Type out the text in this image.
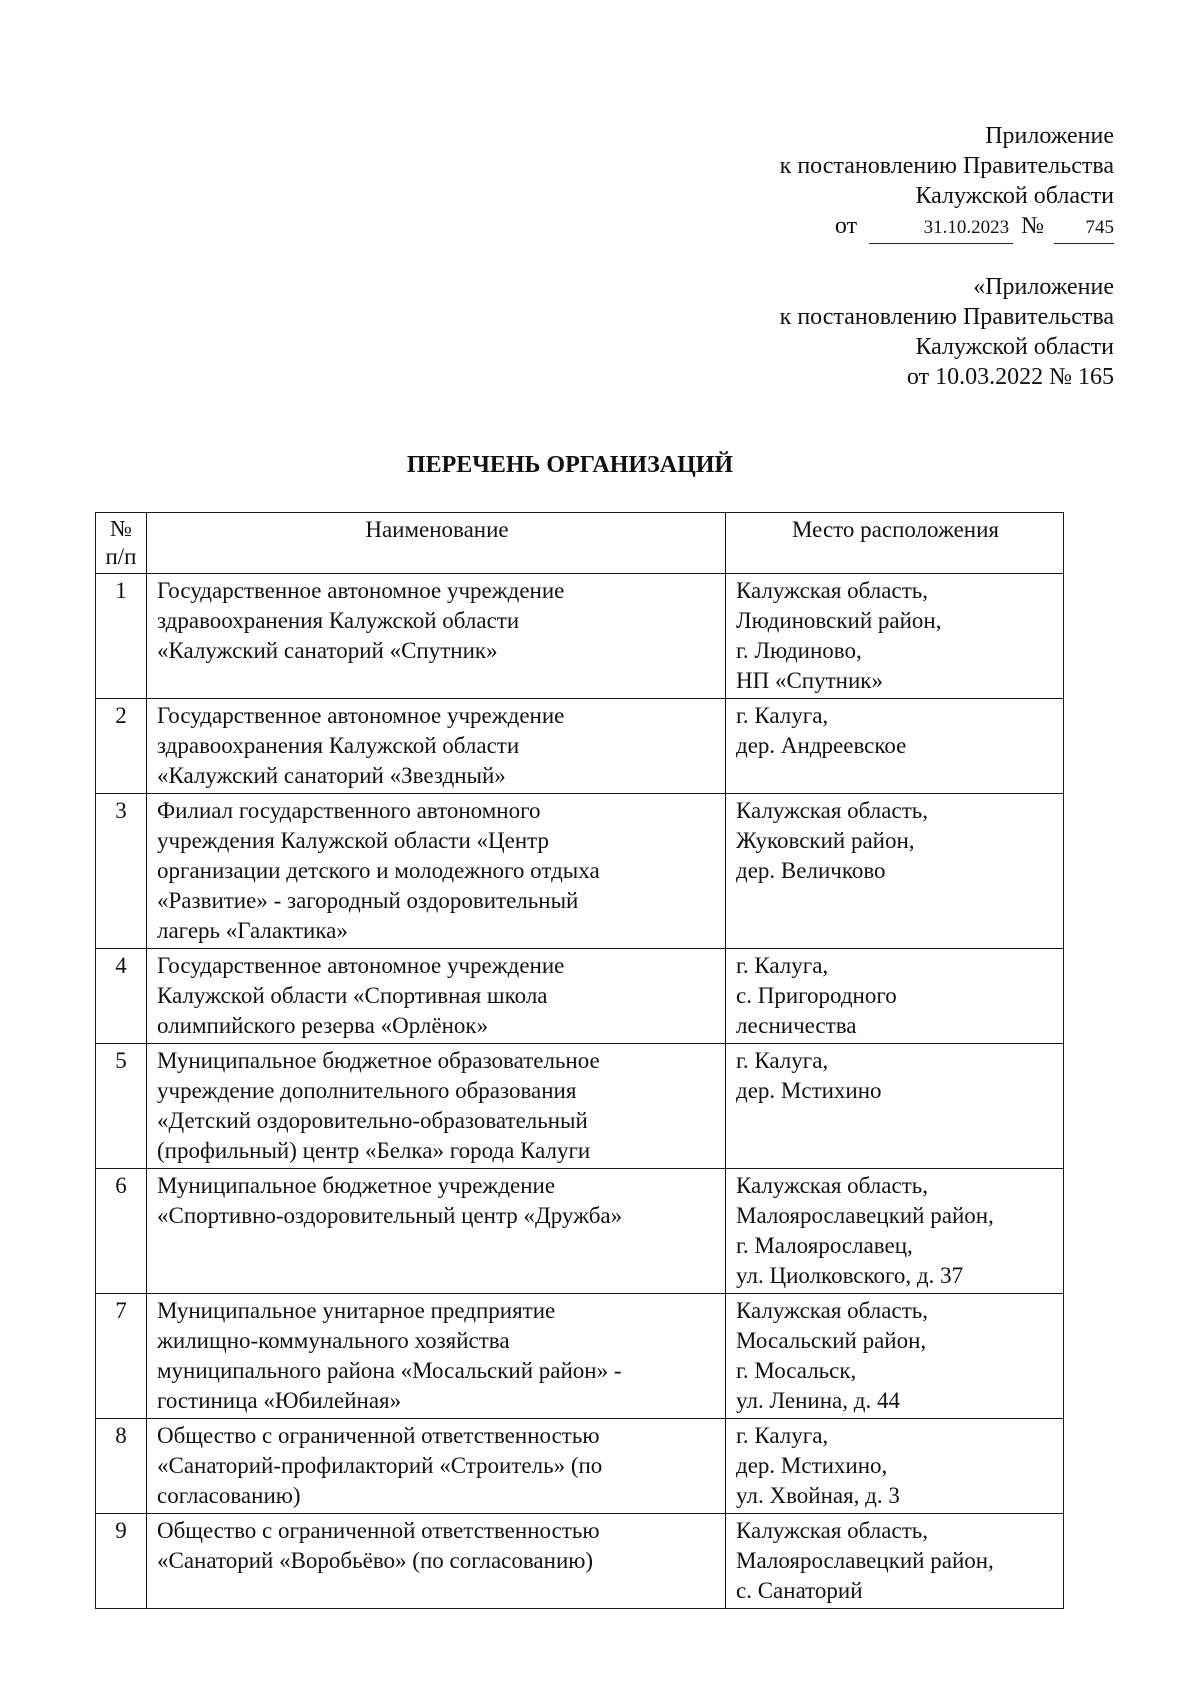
Приложение
к постановлению Правительства
Калужской области
от	31.10.2023 №	745
«Приложение
к постановлению Правительства
Калужской области
от 10.03.2022 № 165
ПЕРЕЧЕНЬ ОРГАНИЗАЦИЙ
№
п/п	Наименование	Место расположения
1	Государственное автономное учреждение
здравоохранения Калужской области
«Калужский санаторий «Спутник»	Калужская область,
Людиновский район,
г. Людиново,
НП «Спутник»
2	Государственное автономное учреждение
здравоохранения Калужской области
«Калужский санаторий «Звездный»	г. Калуга,
дер. Андреевское
3	Филиал государственного автономного
учреждения Калужской области «Центр
организации детского и молодежного отдыха
«Развитие» - загородный оздоровительный
лагерь «Галактика»	Калужская область,
Жуковский район,
дер. Величково
4	Государственное автономное учреждение
Калужской области «Спортивная школа
олимпийского резерва «Орлёнок»	г. Калуга,
с. Пригородного
лесничества
5	Муниципальное бюджетное образовательное
учреждение дополнительного образования
«Детский оздоровительно-образовательный
(профильный) центр «Белка» города Калуги	г. Калуга,
дер. Мстихино
6	Муниципальное бюджетное учреждение
«Спортивно-оздоровительный центр «Дружба»	Калужская область,
Малоярославецкий район,
г. Малоярославец,
ул. Циолковского, д. 37
7	Муниципальное унитарное предприятие
жилищно-коммунального хозяйства
муниципального района «Мосальский район» -
гостиница «Юбилейная»	Калужская область,
Мосальский район,
г. Мосальск,
ул. Ленина, д. 44
8	Общество с ограниченной ответственностью
«Санаторий-профилакторий «Строитель» (по
согласованию)	г. Калуга,
дер. Мстихино,
ул. Хвойная, д. 3
9	Общество с ограниченной ответственностью
«Санаторий «Воробьёво» (по согласованию)	Калужская область,
Малоярославецкий район,
с. Санаторий
